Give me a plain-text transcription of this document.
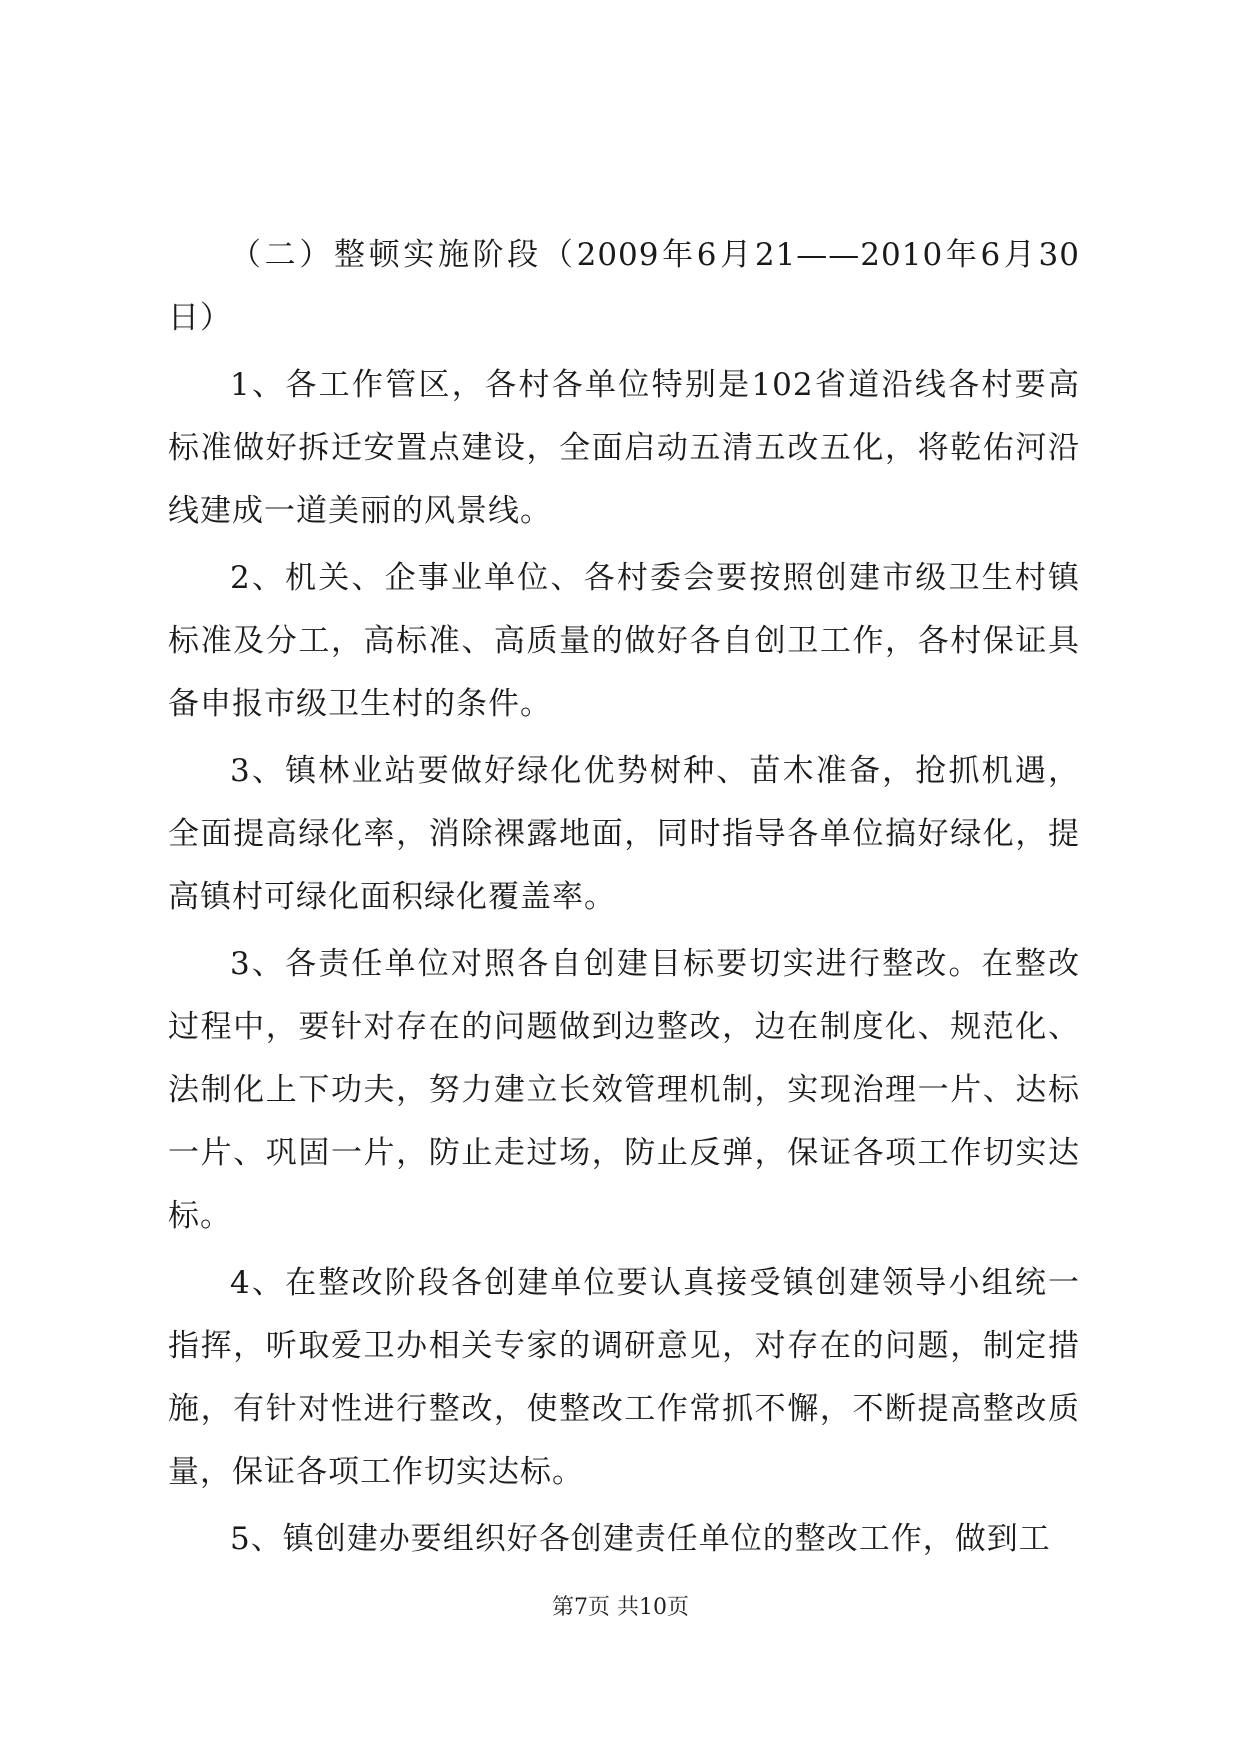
（二）整顿实施阶段（2009年6月21——2010年6月30日）

1、各工作管区，各村各单位特别是102省道沿线各村要高标准做好拆迁安置点建设，全面启动五清五改五化，将乾佑河沿线建成一道美丽的风景线。

2、机关、企事业单位、各村委会要按照创建市级卫生村镇标准及分工，高标准、高质量的做好各自创卫工作，各村保证具备申报市级卫生村的条件。

3、镇林业站要做好绿化优势树种、苗木准备，抢抓机遇，全面提高绿化率，消除裸露地面，同时指导各单位搞好绿化，提高镇村可绿化面积绿化覆盖率。

3、各责任单位对照各自创建目标要切实进行整改。在整改过程中，要针对存在的问题做到边整改，边在制度化、规范化、法制化上下功夫，努力建立长效管理机制，实现治理一片、达标一片、巩固一片，防止走过场，防止反弹，保证各项工作切实达标。

4、在整改阶段各创建单位要认真接受镇创建领导小组统一指挥，听取爱卫办相关专家的调研意见，对存在的问题，制定措施，有针对性进行整改，使整改工作常抓不懈，不断提高整改质量，保证各项工作切实达标。

5、镇创建办要组织好各创建责任单位的整改工作，做到工

第7页 共10页
